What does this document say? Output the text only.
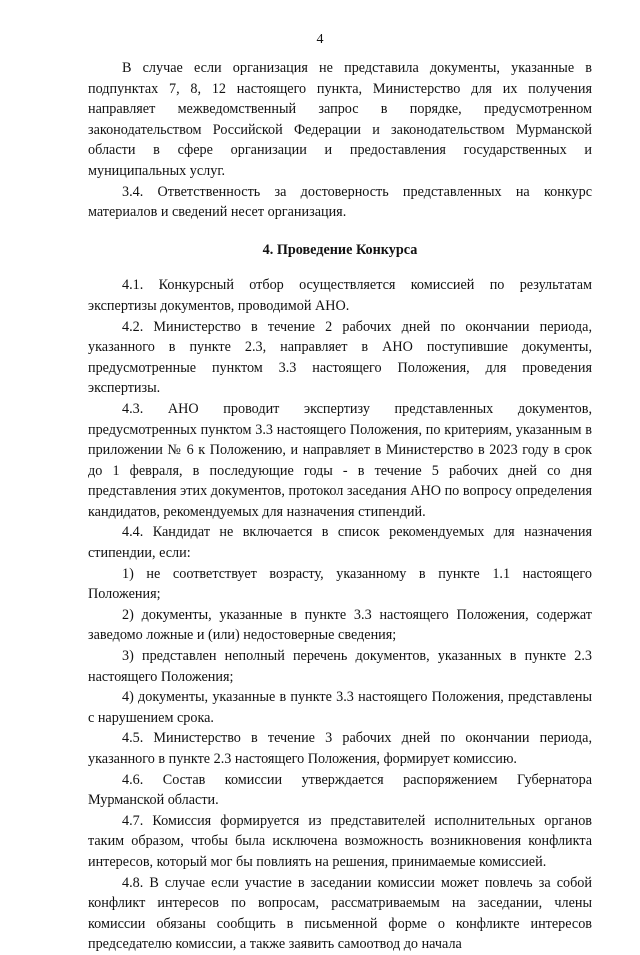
4

В случае если организация не представила документы, указанные в подпунктах 7, 8, 12 настоящего пункта, Министерство для их получения направляет межведомственный запрос в порядке, предусмотренном законодательством Российской Федерации и законодательством Мурманской области в сфере организации и предоставления государственных и муниципальных услуг.

3.4. Ответственность за достоверность представленных на конкурс материалов и сведений несет организация.

4. Проведение Конкурса

4.1. Конкурсный отбор осуществляется комиссией по результатам экспертизы документов, проводимой АНО.

4.2. Министерство в течение 2 рабочих дней по окончании периода, указанного в пункте 2.3, направляет в АНО поступившие документы, предусмотренные пунктом 3.3 настоящего Положения, для проведения экспертизы.

4.3. АНО проводит экспертизу представленных документов, предусмотренных пунктом 3.3 настоящего Положения, по критериям, указанным в приложении № 6 к Положению, и направляет в Министерство в 2023 году в срок до 1 февраля, в последующие годы - в течение 5 рабочих дней со дня представления этих документов, протокол заседания АНО по вопросу определения кандидатов, рекомендуемых для назначения стипендий.

4.4. Кандидат не включается в список рекомендуемых для назначения стипендии, если:

1) не соответствует возрасту, указанному в пункте 1.1 настоящего Положения;

2) документы, указанные в пункте 3.3 настоящего Положения, содержат заведомо ложные и (или) недостоверные сведения;

3) представлен неполный перечень документов, указанных в пункте 2.3 настоящего Положения;

4) документы, указанные в пункте 3.3 настоящего Положения, представлены с нарушением срока.

4.5. Министерство в течение 3 рабочих дней по окончании периода, указанного в пункте 2.3 настоящего Положения, формирует комиссию.

4.6. Состав комиссии утверждается распоряжением Губернатора Мурманской области.

4.7. Комиссия формируется из представителей исполнительных органов таким образом, чтобы была исключена возможность возникновения конфликта интересов, который мог бы повлиять на решения, принимаемые комиссией.

4.8. В случае если участие в заседании комиссии может повлечь за собой конфликт интересов по вопросам, рассматриваемым на заседании, члены комиссии обязаны сообщить в письменной форме о конфликте интересов председателю комиссии, а также заявить самоотвод до начала
